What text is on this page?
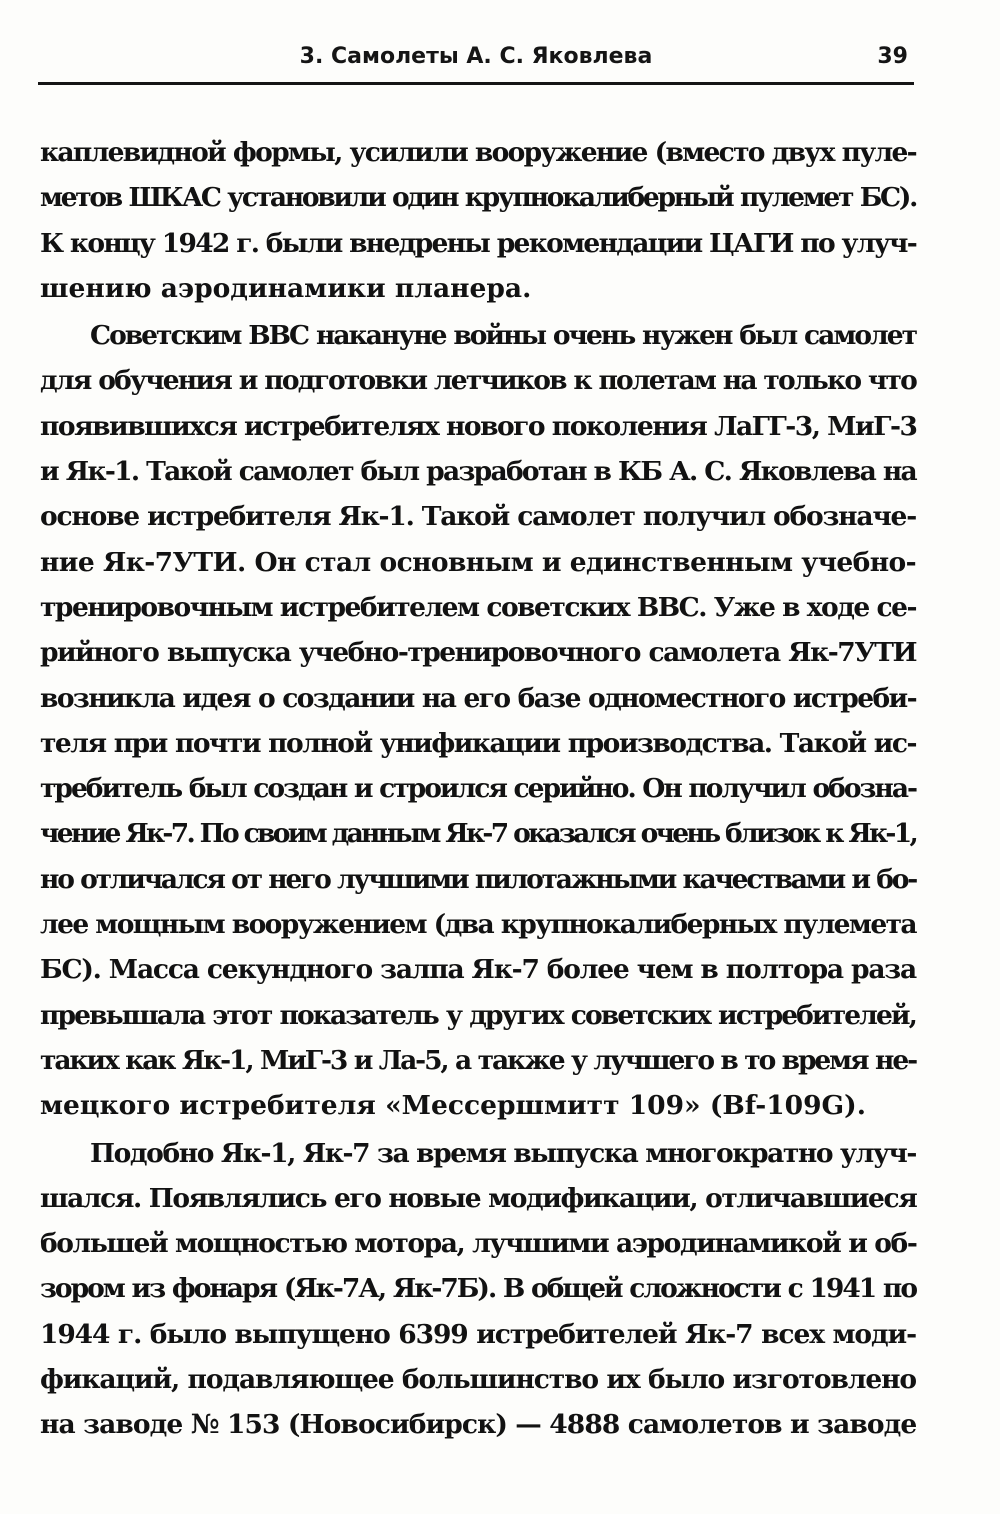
3. Самолеты А. С. Яковлева	39
каплевидной формы, усилили вооружение (вместо двух пуле-
метов ШКАС установили один крупнокалиберный пулемет БС).
К концу 1942 г. были внедрены рекомендации ЦАГИ по улуч-
шению аэродинамики планера.
Советским ВВС накануне войны очень нужен был самолет
для обучения и подготовки летчиков к полетам на только что
появившихся истребителях нового поколения ЛаГГ-3, МиГ-3
и Як-1. Такой самолет был разработан в КБ А. С. Яковлева на
основе истребителя Як-1. Такой самолет получил обозначе-
ние Як-7УТИ. Он стал основным и единственным учебно-
тренировочным истребителем советских ВВС. Уже в ходе се-
рийного выпуска учебно-тренировочного самолета Як-7УТИ
возникла идея о создании на его базе одноместного истреби-
теля при почти полной унификации производства. Такой ис-
требитель был создан и строился серийно. Он получил обозна-
чение Як-7. По своим данным Як-7 оказался очень близок к Як-1,
но отличался от него лучшими пилотажными качествами и бо-
лее мощным вооружением (два крупнокалиберных пулемета
БС). Масса секундного залпа Як-7 более чем в полтора раза
превышала этот показатель у других советских истребителей,
таких как Як-1, МиГ-3 и Ла-5, а также у лучшего в то время не-
мецкого истребителя «Мессершмитт 109» (Bf-109G).
Подобно Як-1, Як-7 за время выпуска многократно улуч-
шался. Появлялись его новые модификации, отличавшиеся
большей мощностью мотора, лучшими аэродинамикой и об-
зором из фонаря (Як-7А, Як-7Б). В общей сложности с 1941 по
1944 г. было выпущено 6399 истребителей Як-7 всех моди-
фикаций, подавляющее большинство их было изготовлено
на заводе № 153 (Новосибирск) — 4888 самолетов и заводе
